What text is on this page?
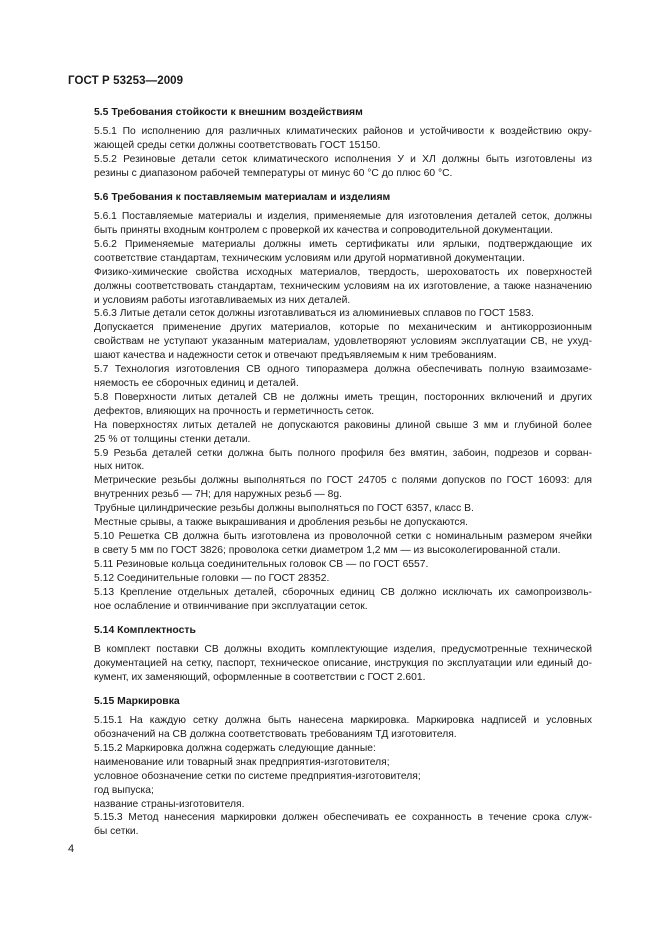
ГОСТ Р 53253—2009
5.5 Требования стойкости к внешним воздействиям

5.5.1 По исполнению для различных климатических районов и устойчивости к воздействию окру-
жающей среды сетки должны соответствовать ГОСТ 15150.

5.5.2 Резиновые детали сеток климатического исполнения У и ХЛ должны быть изготовлены из
резины с диапазоном рабочей температуры от минус 60 °С до плюс 60 °С.

5.6 Требования к поставляемым материалам и изделиям

5.6.1 Поставляемые материалы и изделия, применяемые для изготовления деталей сеток, должны
быть приняты входным контролем с проверкой их качества и сопроводительной документации.

5.6.2 Применяемые материалы должны иметь сертификаты или ярлыки, подтверждающие их
соответствие стандартам, техническим условиям или другой нормативной документации.

Физико-химические свойства исходных материалов, твердость, шероховатость их поверхностей
должны соответствовать стандартам, техническим условиям на их изготовление, а также назначению
и условиям работы изготавливаемых из них деталей.

5.6.3 Литые детали сеток должны изготавливаться из алюминиевых сплавов по ГОСТ 1583.

Допускается применение других материалов, которые по механическим и антикоррозионным
свойствам не уступают указанным материалам, удовлетворяют условиям эксплуатации СВ, не ухуд-
шают качества и надежности сеток и отвечают предъявляемым к ним требованиям.

5.7 Технология изготовления СВ одного типоразмера должна обеспечивать полную взаимозаме-
няемость ее сборочных единиц и деталей.

5.8 Поверхности литых деталей СВ не должны иметь трещин, посторонних включений и других
дефектов, влияющих на прочность и герметичность сеток.

На поверхностях литых деталей не допускаются раковины длиной свыше 3 мм и глубиной более
25 % от толщины стенки детали.

5.9 Резьба деталей сетки должна быть полного профиля без вмятин, забоин, подрезов и сорван-
ных ниток.

Метрические резьбы должны выполняться по ГОСТ 24705 с полями допусков по ГОСТ 16093: для
внутренних резьб — 7Н; для наружных резьб — 8g.

Трубные цилиндрические резьбы должны выполняться по ГОСТ 6357, класс В.

Местные срывы, а также выкрашивания и дробления резьбы не допускаются.

5.10 Решетка СВ должна быть изготовлена из проволочной сетки с номинальным размером ячейки
в свету 5 мм по ГОСТ 3826; проволока сетки диаметром 1,2 мм — из высоколегированной стали.

5.11 Резиновые кольца соединительных головок СВ — по ГОСТ 6557.

5.12 Соединительные головки — по ГОСТ 28352.

5.13 Крепление отдельных деталей, сборочных единиц СВ должно исключать их самопроизволь-
ное ослабление и отвинчивание при эксплуатации сеток.

5.14 Комплектность

В комплект поставки СВ должны входить комплектующие изделия, предусмотренные технической
документацией на сетку, паспорт, техническое описание, инструкция по эксплуатации или единый до-
кумент, их заменяющий, оформленные в соответствии с ГОСТ 2.601.

5.15 Маркировка

5.15.1 На каждую сетку должна быть нанесена маркировка. Маркировка надписей и условных
обозначений на СВ должна соответствовать требованиям ТД изготовителя.

5.15.2 Маркировка должна содержать следующие данные:

наименование или товарный знак предприятия-изготовителя;
условное обозначение сетки по системе предприятия-изготовителя;
год выпуска;
название страны-изготовителя.

5.15.3 Метод нанесения маркировки должен обеспечивать ее сохранность в течение срока служ-
бы сетки.

4
